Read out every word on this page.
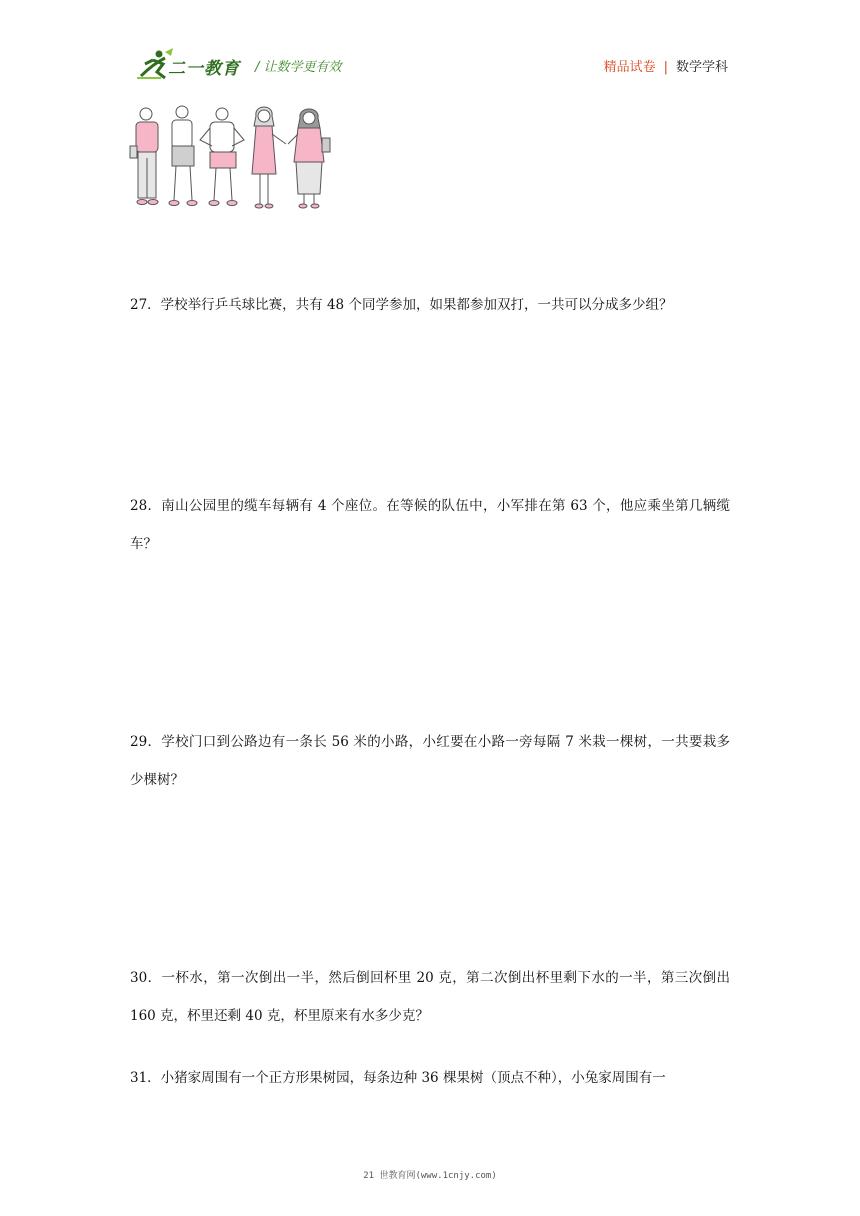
二一教育 / 让数学更有效	精品试卷 | 数学学科

27．学校举行乒乓球比赛，共有 48 个同学参加，如果都参加双打，一共可以分成多少组？

28．南山公园里的缆车每辆有 4 个座位。在等候的队伍中，小军排在第 63 个，他应乘坐第几辆缆车？

29．学校门口到公路边有一条长 56 米的小路，小红要在小路一旁每隔 7 米栽一棵树，一共要栽多少棵树？

30．一杯水，第一次倒出一半，然后倒回杯里 20 克，第二次倒出杯里剩下水的一半，第三次倒出 160 克，杯里还剩 40 克，杯里原来有水多少克？

31．小猪家周围有一个正方形果树园，每条边种 36 棵果树（顶点不种），小兔家周围有一

21 世教育网(www.1cnjy.com)
